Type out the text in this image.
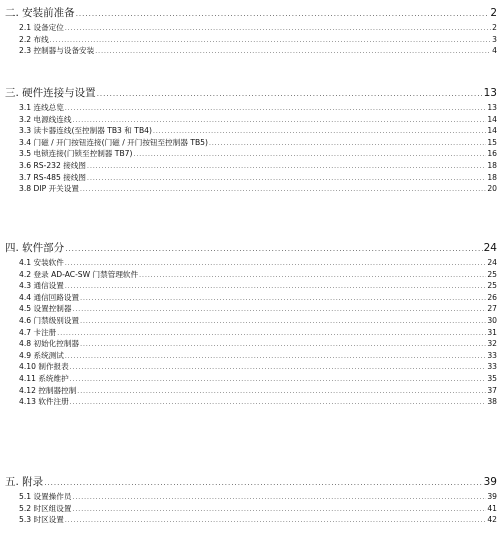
二. 安装前准备 .....	2
2.1 设备定位 .....	2
2.2 布线 .....	3
2.3 控制器与设备安装 .....	4
三. 硬件连接与设置 .....	13
3.1 连线总览 .....	13
3.2 电源线连线 .....	14
3.3 读卡器连线(至控制器 TB3 和 TB4) .....	14
3.4 门磁 / 开门按钮连接(门磁 / 开门按钮至控制器 TB5) .....	15
3.5 电锁连接(门锁至控制器 TB7) .....	16
3.6 RS-232 接线图 .....	18
3.7 RS-485 接线图 .....	18
3.8 DIP 开关设置 .....	20
四. 软件部分 .....	24
4.1 安装软件 .....	24
4.2 登录 AD-AC-SW 门禁管理软件 .....	25
4.3 通信设置 .....	25
4.4 通信回路设置 .....	26
4.5 设置控制器 .....	27
4.6 门禁级别设置 .....	30
4.7 卡注册 .....	31
4.8 初始化控制器 .....	32
4.9 系统测试 .....	33
4.10 制作报表 .....	33
4.11 系统维护 .....	35
4.12 控制器控制 .....	37
4.13 软件注册 .....	38
五. 附录 .....	39
5.1 设置操作员 .....	39
5.2 时区组设置 .....	41
5.3 时区设置 .....	42
